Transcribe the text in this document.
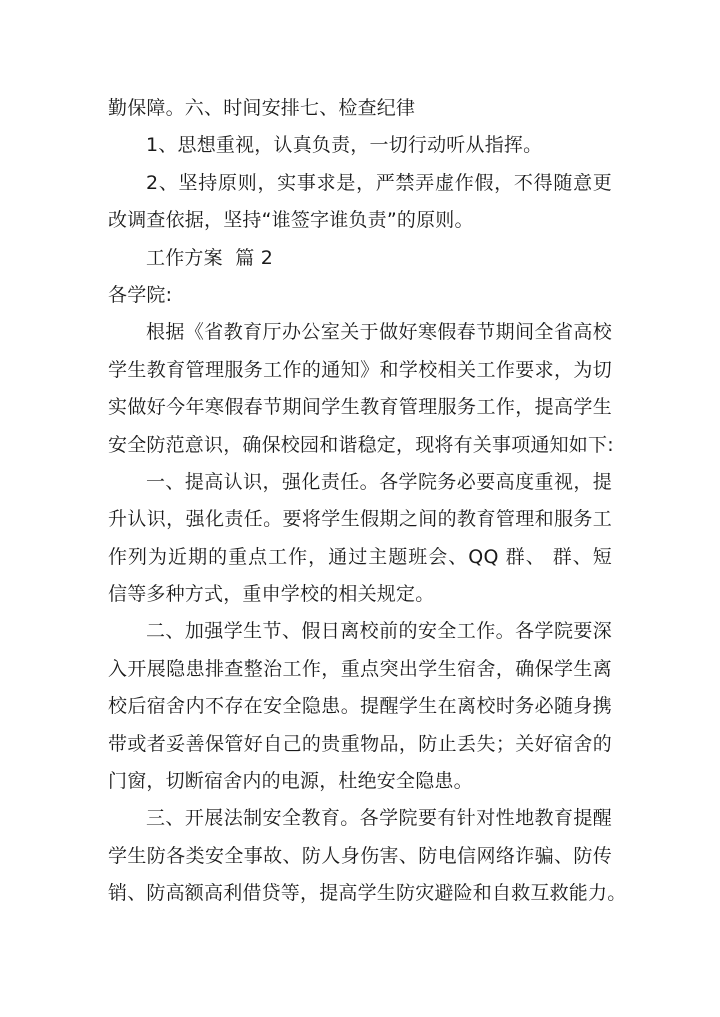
勤保障。六、时间安排七、检查纪律
1、思想重视，认真负责，一切行动听从指挥。
2、坚持原则，实事求是，严禁弄虚作假，不得随意更
改调查依据，坚持“谁签字谁负责”的原则。
工作方案  篇 2
各学院:
根据《省教育厅办公室关于做好寒假春节期间全省高校
学生教育管理服务工作的通知》和学校相关工作要求，为切
实做好今年寒假春节期间学生教育管理服务工作，提高学生
安全防范意识，确保校园和谐稳定，现将有关事项通知如下:
一、提高认识，强化责任。各学院务必要高度重视，提
升认识，强化责任。要将学生假期之间的教育管理和服务工
作列为近期的重点工作，通过主题班会、QQ 群、 群、短
信等多种方式，重申学校的相关规定。
二、加强学生节、假日离校前的安全工作。各学院要深
入开展隐患排查整治工作，重点突出学生宿舍，确保学生离
校后宿舍内不存在安全隐患。提醒学生在离校时务必随身携
带或者妥善保管好自己的贵重物品，防止丢失；关好宿舍的
门窗，切断宿舍内的电源，杜绝安全隐患。
三、开展法制安全教育。各学院要有针对性地教育提醒
学生防各类安全事故、防人身伤害、防电信网络诈骗、防传
销、防高额高利借贷等，提高学生防灾避险和自救互救能力。
